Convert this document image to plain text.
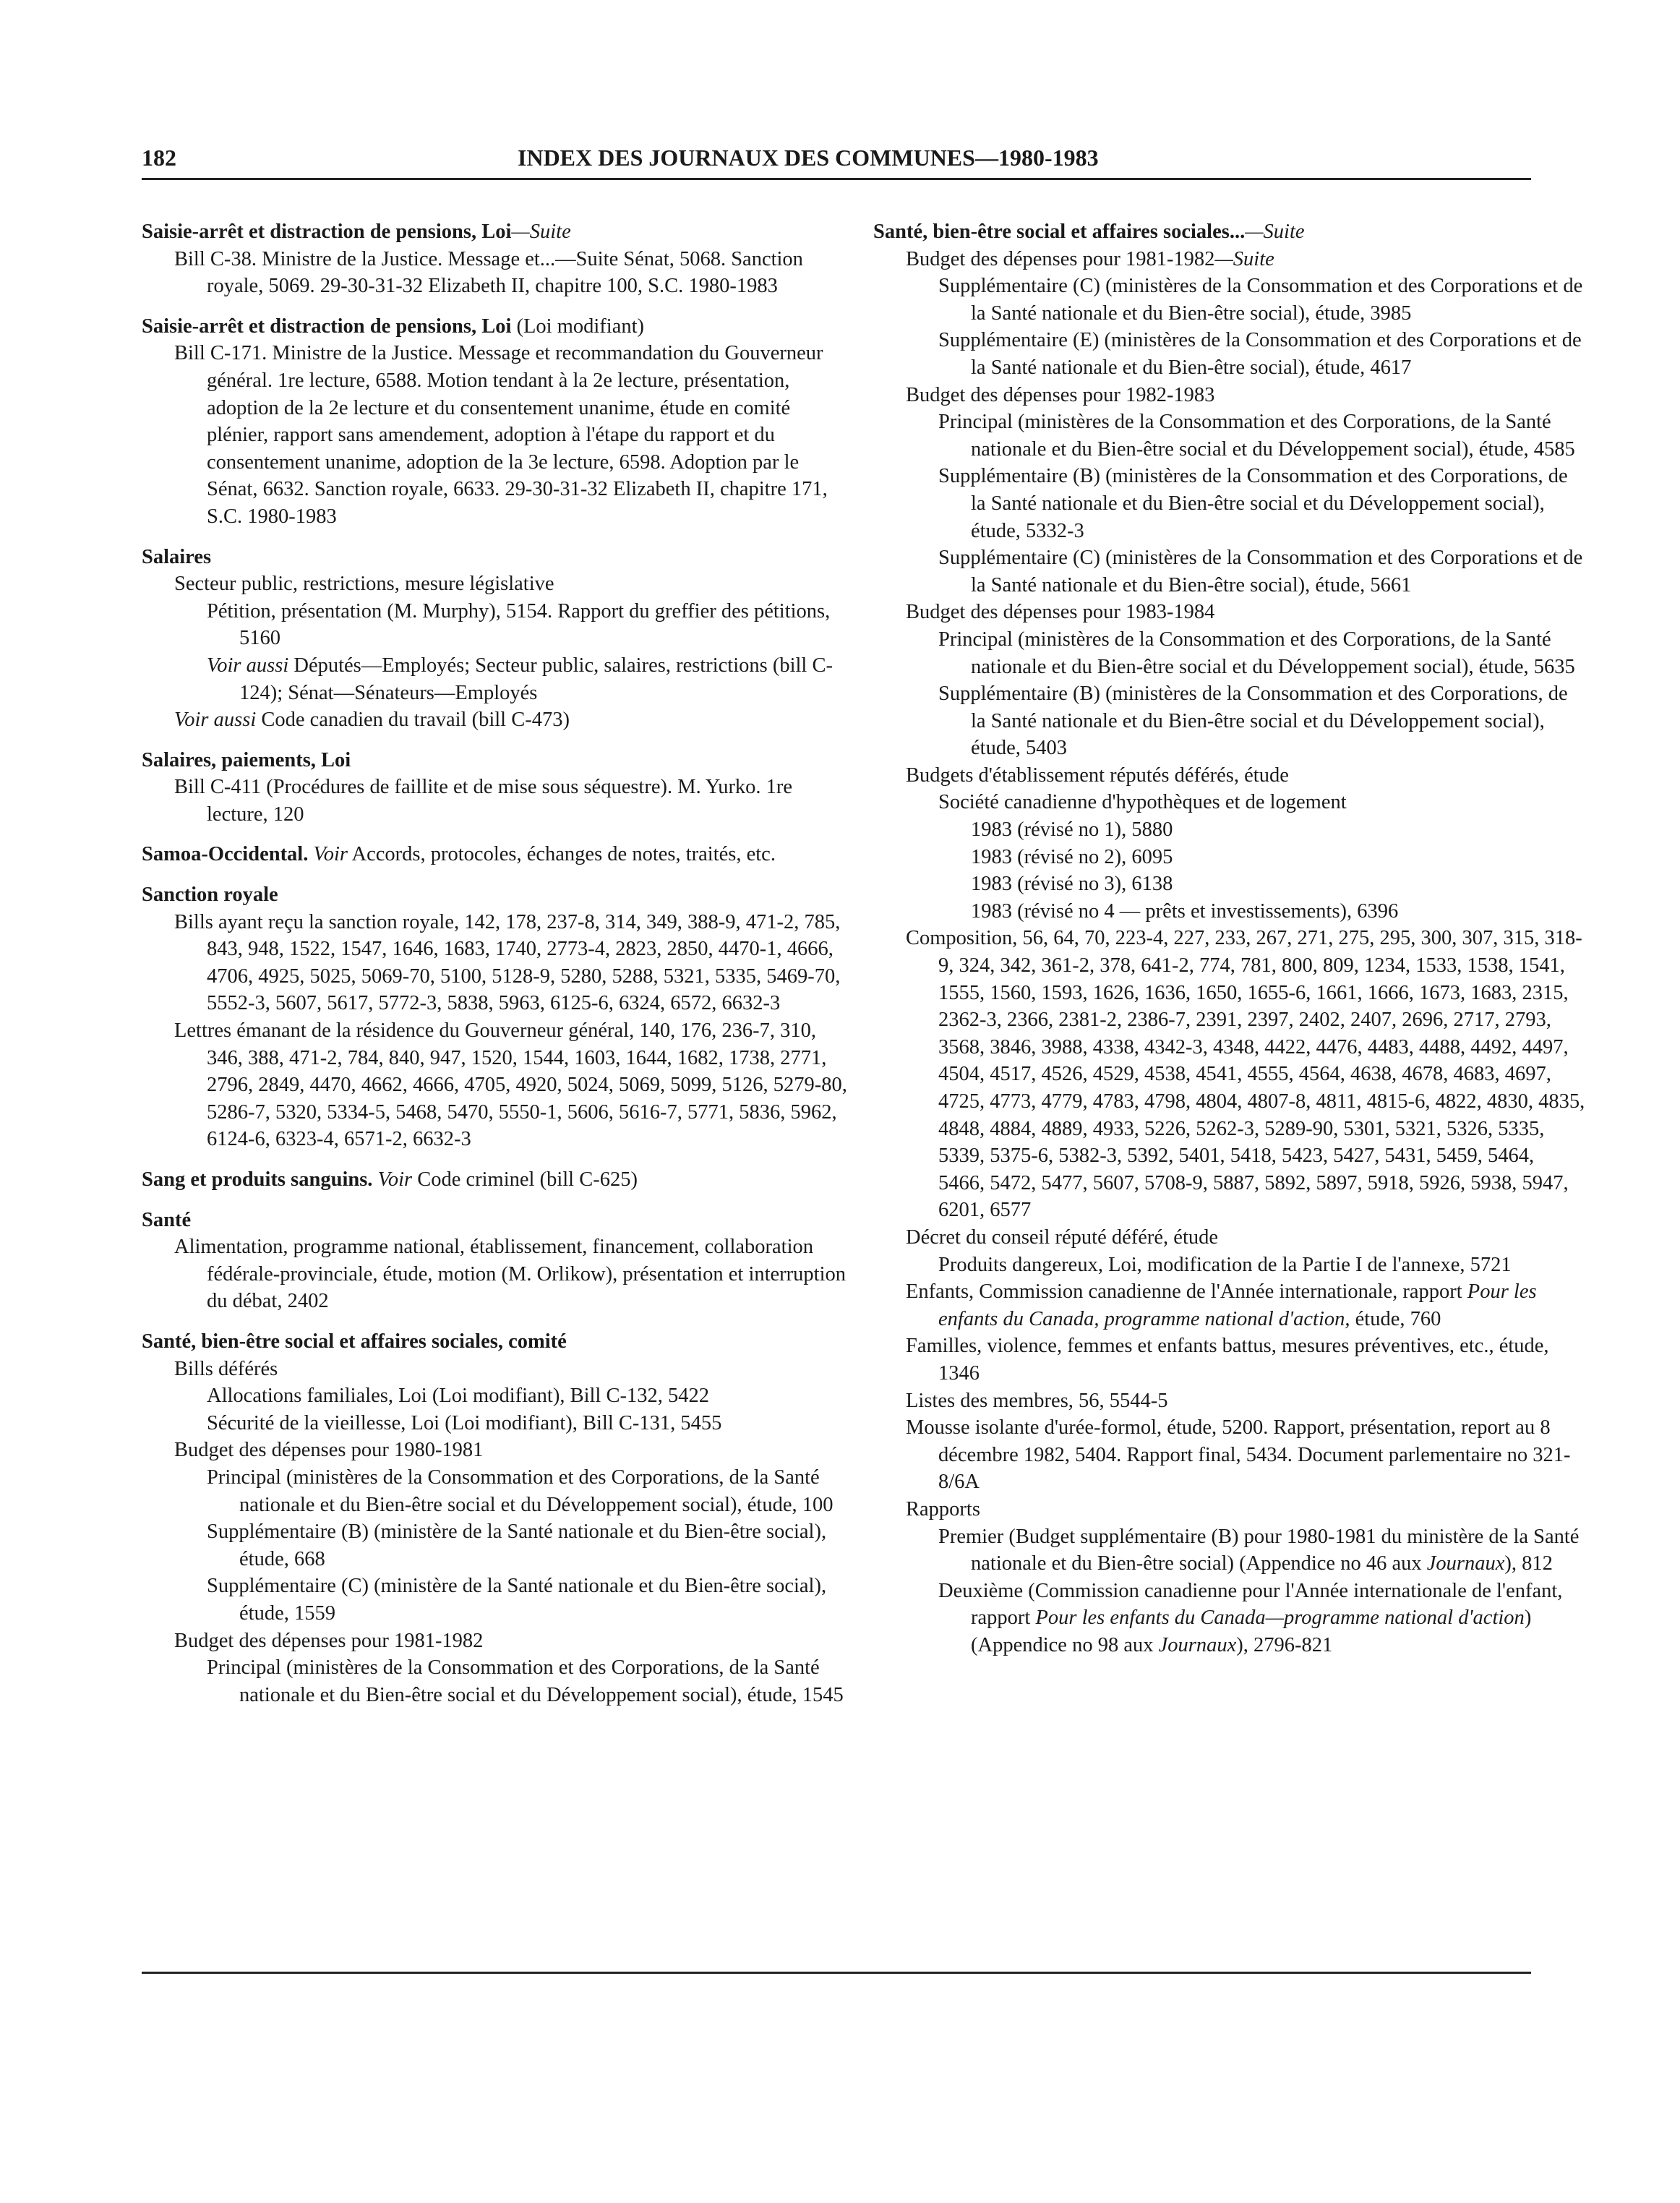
182	INDEX DES JOURNAUX DES COMMUNES—1980-1983

Saisie-arrêt et distraction de pensions, Loi—Suite

Bill C-38. Ministre de la Justice. Message et...—Suite Sénat, 5068. Sanction royale, 5069. 29-30-31-32 Elizabeth II, chapitre 100, S.C. 1980-1983

Saisie-arrêt et distraction de pensions, Loi (Loi modifiant)

Bill C-171. Ministre de la Justice. Message et recommandation du Gouverneur général. 1re lecture, 6588. Motion tendant à la 2e lecture, présentation, adoption de la 2e lecture et du consentement unanime, étude en comité plénier, rapport sans amendement, adoption à l'étape du rapport et du consentement unanime, adoption de la 3e lecture, 6598. Adoption par le Sénat, 6632. Sanction royale, 6633. 29-30-31-32 Elizabeth II, chapitre 171, S.C. 1980-1983

Salaires

Secteur public, restrictions, mesure législative

Pétition, présentation (M. Murphy), 5154. Rapport du greffier des pétitions, 5160

Voir aussi Députés—Employés; Secteur public, salaires, restrictions (bill C-124); Sénat—Sénateurs—Employés

Voir aussi Code canadien du travail (bill C-473)

Salaires, paiements, Loi

Bill C-411 (Procédures de faillite et de mise sous séquestre). M. Yurko. 1re lecture, 120

Samoa-Occidental. Voir Accords, protocoles, échanges de notes, traités, etc.

Sanction royale

Bills ayant reçu la sanction royale, 142, 178, 237-8, 314, 349, 388-9, 471-2, 785, 843, 948, 1522, 1547, 1646, 1683, 1740, 2773-4, 2823, 2850, 4470-1, 4666, 4706, 4925, 5025, 5069-70, 5100, 5128-9, 5280, 5288, 5321, 5335, 5469-70, 5552-3, 5607, 5617, 5772-3, 5838, 5963, 6125-6, 6324, 6572, 6632-3

Lettres émanant de la résidence du Gouverneur général, 140, 176, 236-7, 310, 346, 388, 471-2, 784, 840, 947, 1520, 1544, 1603, 1644, 1682, 1738, 2771, 2796, 2849, 4470, 4662, 4666, 4705, 4920, 5024, 5069, 5099, 5126, 5279-80, 5286-7, 5320, 5334-5, 5468, 5470, 5550-1, 5606, 5616-7, 5771, 5836, 5962, 6124-6, 6323-4, 6571-2, 6632-3

Sang et produits sanguins. Voir Code criminel (bill C-625)

Santé

Alimentation, programme national, établissement, financement, collaboration fédérale-provinciale, étude, motion (M. Orlikow), présentation et interruption du débat, 2402

Santé, bien-être social et affaires sociales, comité

Bills déférés

Allocations familiales, Loi (Loi modifiant), Bill C-132, 5422

Sécurité de la vieillesse, Loi (Loi modifiant), Bill C-131, 5455

Budget des dépenses pour 1980-1981

Principal (ministères de la Consommation et des Corporations, de la Santé nationale et du Bien-être social et du Développement social), étude, 100

Supplémentaire (B) (ministère de la Santé nationale et du Bien-être social), étude, 668

Supplémentaire (C) (ministère de la Santé nationale et du Bien-être social), étude, 1559

Budget des dépenses pour 1981-1982

Principal (ministères de la Consommation et des Corporations, de la Santé nationale et du Bien-être social et du Développement social), étude, 1545

Santé, bien-être social et affaires sociales...—Suite

Budget des dépenses pour 1981-1982—Suite

Supplémentaire (C) (ministères de la Consommation et des Corporations et de la Santé nationale et du Bien-être social), étude, 3985

Supplémentaire (E) (ministères de la Consommation et des Corporations et de la Santé nationale et du Bien-être social), étude, 4617

Budget des dépenses pour 1982-1983

Principal (ministères de la Consommation et des Corporations, de la Santé nationale et du Bien-être social et du Développement social), étude, 4585

Supplémentaire (B) (ministères de la Consommation et des Corporations, de la Santé nationale et du Bien-être social et du Développement social), étude, 5332-3

Supplémentaire (C) (ministères de la Consommation et des Corporations et de la Santé nationale et du Bien-être social), étude, 5661

Budget des dépenses pour 1983-1984

Principal (ministères de la Consommation et des Corporations, de la Santé nationale et du Bien-être social et du Développement social), étude, 5635

Supplémentaire (B) (ministères de la Consommation et des Corporations, de la Santé nationale et du Bien-être social et du Développement social), étude, 5403

Budgets d'établissement réputés déférés, étude

Société canadienne d'hypothèques et de logement

1983 (révisé no 1), 5880

1983 (révisé no 2), 6095

1983 (révisé no 3), 6138

1983 (révisé no 4 — prêts et investissements), 6396

Composition, 56, 64, 70, 223-4, 227, 233, 267, 271, 275, 295, 300, 307, 315, 318-9, 324, 342, 361-2, 378, 641-2, 774, 781, 800, 809, 1234, 1533, 1538, 1541, 1555, 1560, 1593, 1626, 1636, 1650, 1655-6, 1661, 1666, 1673, 1683, 2315, 2362-3, 2366, 2381-2, 2386-7, 2391, 2397, 2402, 2407, 2696, 2717, 2793, 3568, 3846, 3988, 4338, 4342-3, 4348, 4422, 4476, 4483, 4488, 4492, 4497, 4504, 4517, 4526, 4529, 4538, 4541, 4555, 4564, 4638, 4678, 4683, 4697, 4725, 4773, 4779, 4783, 4798, 4804, 4807-8, 4811, 4815-6, 4822, 4830, 4835, 4848, 4884, 4889, 4933, 5226, 5262-3, 5289-90, 5301, 5321, 5326, 5335, 5339, 5375-6, 5382-3, 5392, 5401, 5418, 5423, 5427, 5431, 5459, 5464, 5466, 5472, 5477, 5607, 5708-9, 5887, 5892, 5897, 5918, 5926, 5938, 5947, 6201, 6577

Décret du conseil réputé déféré, étude

Produits dangereux, Loi, modification de la Partie I de l'annexe, 5721

Enfants, Commission canadienne de l'Année internationale, rapport Pour les enfants du Canada, programme national d'action, étude, 760

Familles, violence, femmes et enfants battus, mesures préventives, etc., étude, 1346

Listes des membres, 56, 5544-5

Mousse isolante d'urée-formol, étude, 5200. Rapport, présentation, report au 8 décembre 1982, 5404. Rapport final, 5434. Document parlementaire no 321-8/6A

Rapports

Premier (Budget supplémentaire (B) pour 1980-1981 du ministère de la Santé nationale et du Bien-être social) (Appendice no 46 aux Journaux), 812

Deuxième (Commission canadienne pour l'Année internationale de l'enfant, rapport Pour les enfants du Canada—programme national d'action) (Appendice no 98 aux Journaux), 2796-821
